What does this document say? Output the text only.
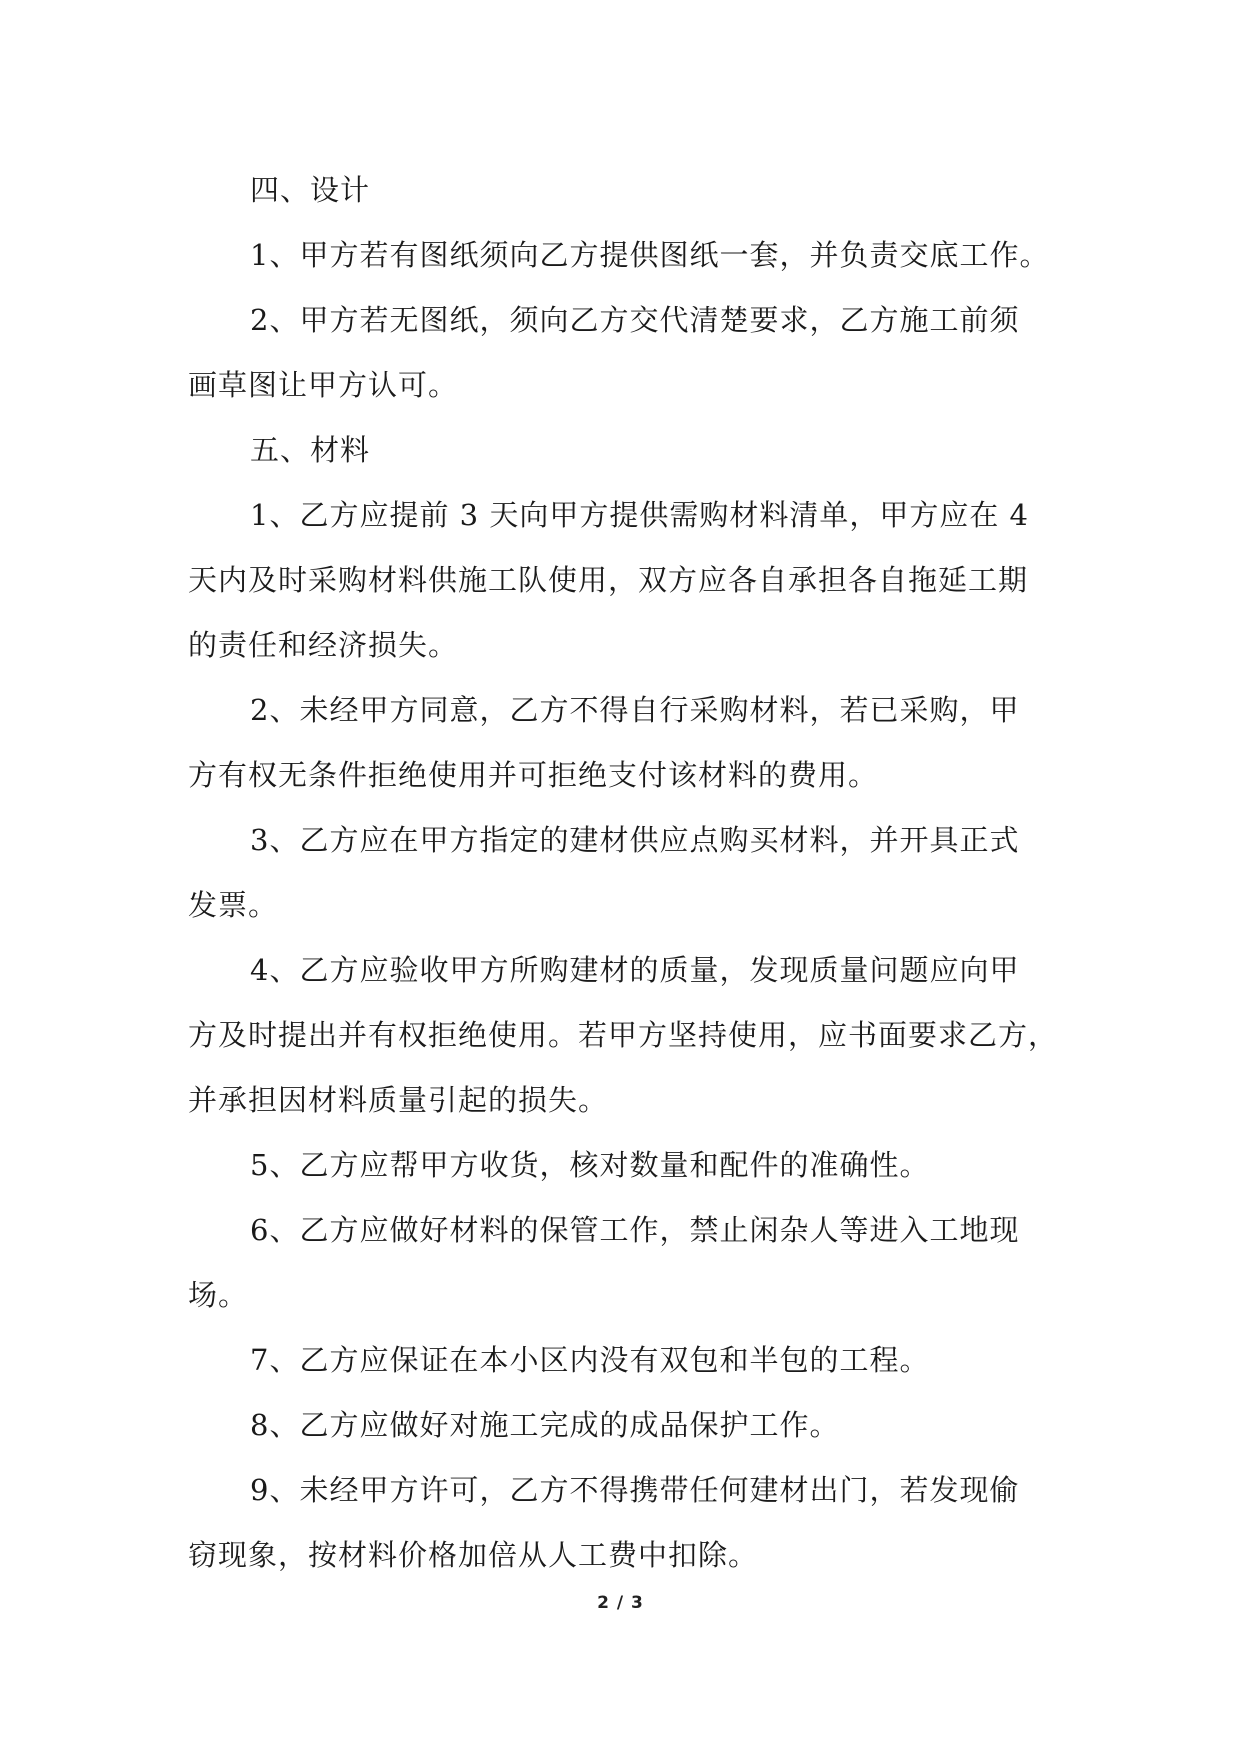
四、设计

1、甲方若有图纸须向乙方提供图纸一套，并负责交底工作。
2、甲方若无图纸，须向乙方交代清楚要求，乙方施工前须
画草图让甲方认可。

五、材料

1、乙方应提前 3 天向甲方提供需购材料清单，甲方应在 4
天内及时采购材料供施工队使用，双方应各自承担各自拖延工期
的责任和经济损失。
2、未经甲方同意，乙方不得自行采购材料，若已采购，甲
方有权无条件拒绝使用并可拒绝支付该材料的费用。
3、乙方应在甲方指定的建材供应点购买材料，并开具正式
发票。
4、乙方应验收甲方所购建材的质量，发现质量问题应向甲
方及时提出并有权拒绝使用。若甲方坚持使用，应书面要求乙方，
并承担因材料质量引起的损失。
5、乙方应帮甲方收货，核对数量和配件的准确性。
6、乙方应做好材料的保管工作，禁止闲杂人等进入工地现
场。
7、乙方应保证在本小区内没有双包和半包的工程。
8、乙方应做好对施工完成的成品保护工作。
9、未经甲方许可，乙方不得携带任何建材出门，若发现偷
窃现象，按材料价格加倍从人工费中扣除。
2 / 3
